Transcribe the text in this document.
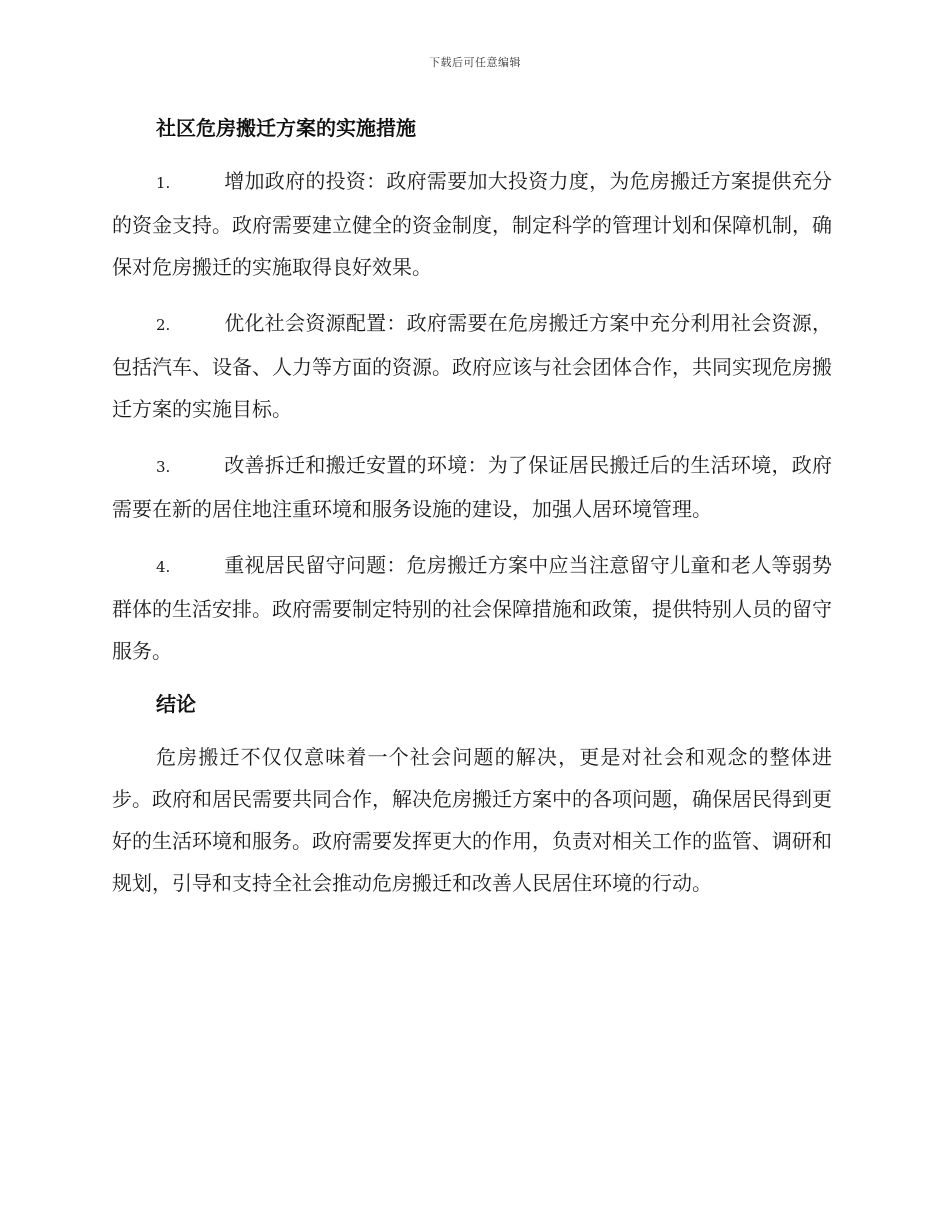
下载后可任意编辑
社区危房搬迁方案的实施措施

1.	增加政府的投资：政府需要加大投资力度，为危房搬迁方案提供充分的资金支持。政府需要建立健全的资金制度，制定科学的管理计划和保障机制，确保对危房搬迁的实施取得良好效果。

2.	优化社会资源配置：政府需要在危房搬迁方案中充分利用社会资源，包括汽车、设备、人力等方面的资源。政府应该与社会团体合作，共同实现危房搬迁方案的实施目标。

3.	改善拆迁和搬迁安置的环境：为了保证居民搬迁后的生活环境，政府需要在新的居住地注重环境和服务设施的建设，加强人居环境管理。

4.	重视居民留守问题：危房搬迁方案中应当注意留守儿童和老人等弱势群体的生活安排。政府需要制定特别的社会保障措施和政策，提供特别人员的留守服务。

结论

危房搬迁不仅仅意味着一个社会问题的解决，更是对社会和观念的整体进步。政府和居民需要共同合作，解决危房搬迁方案中的各项问题，确保居民得到更好的生活环境和服务。政府需要发挥更大的作用，负责对相关工作的监管、调研和规划，引导和支持全社会推动危房搬迁和改善人民居住环境的行动。
